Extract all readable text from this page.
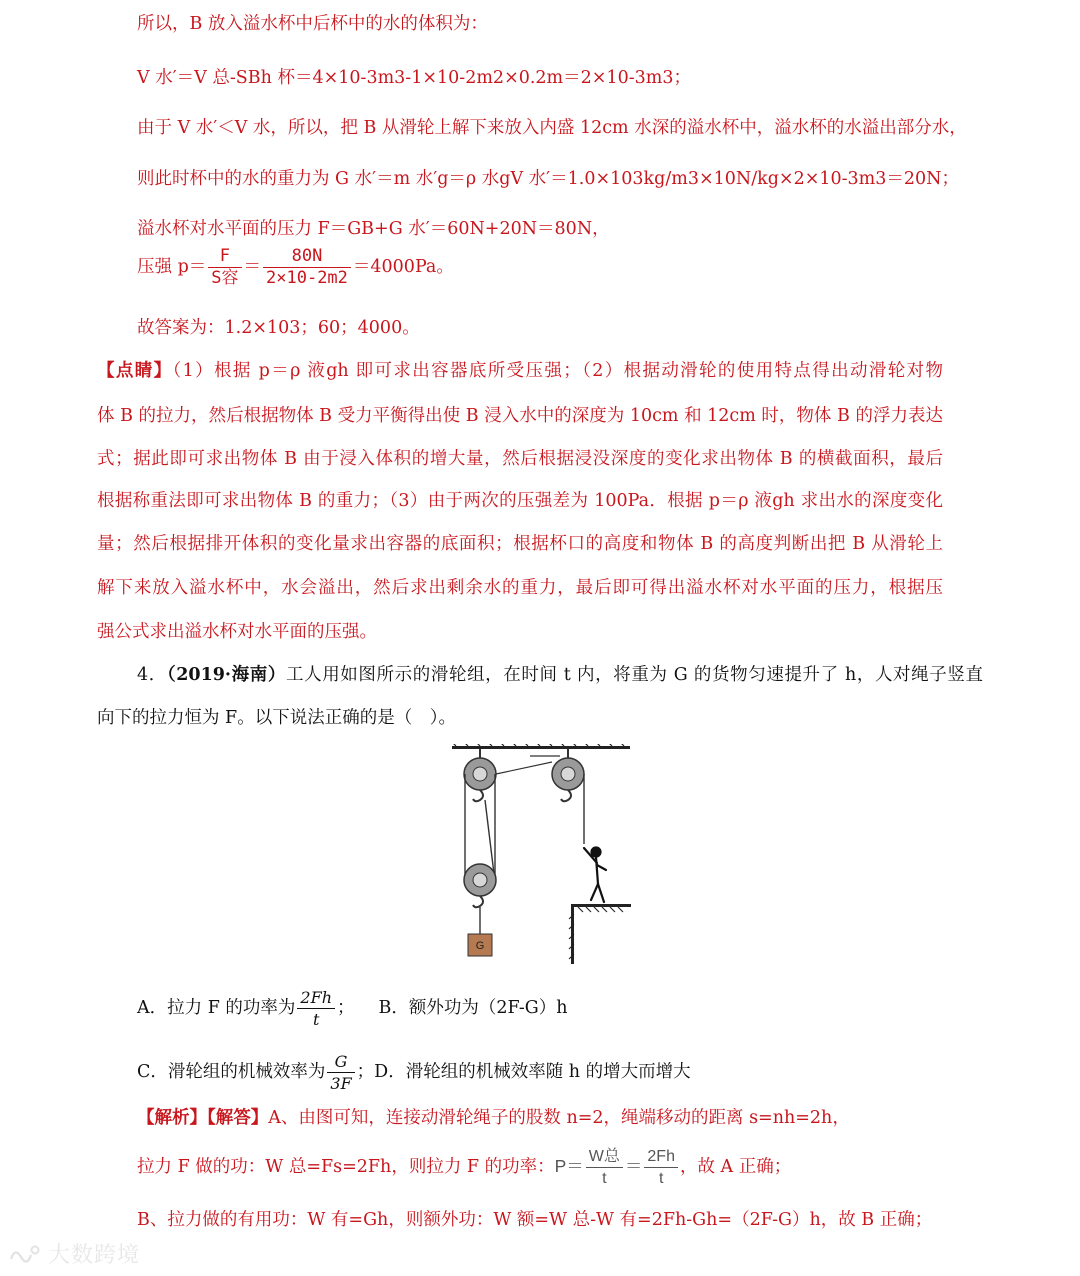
所以，B 放入溢水杯中后杯中的水的体积为：
V 水′＝V 总-SBh 杯＝4×10-3m3-1×10-2m2×0.2m＝2×10-3m3；
由于 V 水′＜V 水，所以，把 B 从滑轮上解下来放入内盛 12cm 水深的溢水杯中，溢水杯的水溢出部分水，
则此时杯中的水的重力为 G 水′＝m 水′g＝ρ 水gV 水′＝1.0×103kg/m3×10N/kg×2×10-3m3＝20N；
溢水杯对水平面的压力 F＝GB+G 水′＝60N+20N＝80N，
压强 $p= \frac{F}{\text{S容}} = \frac{80N}{2\times 10-2m2} =4000Pa$。
故答案为：1.2×103；60；4000。
【点睛】（1）根据 p＝ρ 液gh 即可求出容器底所受压强；（2）根据动滑轮的使用特点得出动滑轮对物
体 B 的拉力，然后根据物体 B 受力平衡得出使 B 浸入水中的深度为 10cm 和 12cm 时，物体 B 的浮力表达
式；据此即可求出物体 B 由于浸入体积的增大量，然后根据浸没深度的变化求出物体 B 的横截面积，最后
根据称重法即可求出物体 B 的重力；（3）由于两次的压强差为 100Pa．根据 p＝ρ 液gh 求出水的深度变化
量；然后根据排开体积的变化量求出容器的底面积；根据杯口的高度和物体 B 的高度判断出把 B 从滑轮上
解下来放入溢水杯中，水会溢出，然后求出剩余水的重力，最后即可得出溢水杯对水平面的压力，根据压
强公式求出溢水杯对水平面的压强。
4．（2019·海南）工人用如图所示的滑轮组，在时间 t 内，将重为 G 的货物匀速提升了 h，人对绳子竖直
向下的拉力恒为 F。以下说法正确的是（　）。
G
A．拉力 F 的功率为 $\frac{2Fh}{t}$ ； B．额外功为（2F-G）h
C．滑轮组的机械效率为 $\frac{G}{3F}$ ；D．滑轮组的机械效率随 h 的增大而增大
【解析】【解答】A、由图可知，连接动滑轮绳子的股数 n=2，绳端移动的距离 s=nh=2h，
拉力 F 做的功：W 总=Fs=2Fh，则拉力 F 的功率：$P= \frac{\text{W总}}{t} = \frac{2Fh}{t}$ ，故 A 正确；
B、拉力做的有用功：W 有=Gh，则额外功：W 额=W 总-W 有=2Fh-Gh=（2F-G）h，故 B 正确；
大数跨境
